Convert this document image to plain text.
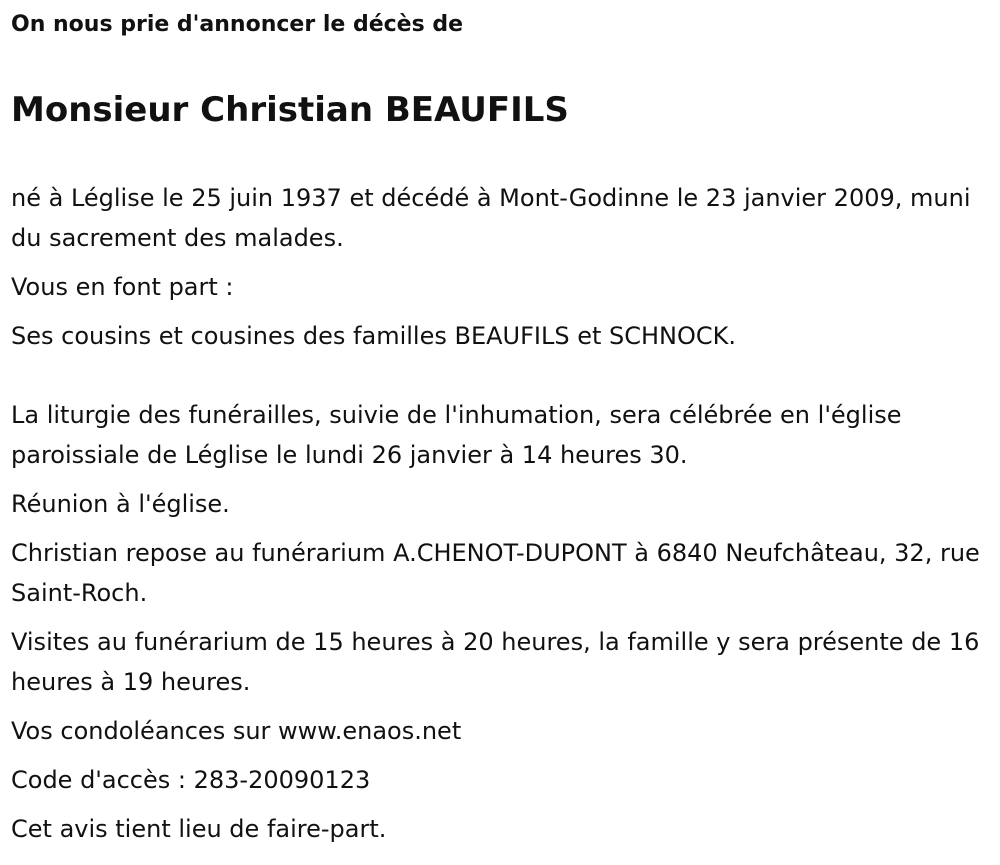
On nous prie d'annoncer le décès de

Monsieur Christian BEAUFILS

né à Léglise le 25 juin 1937 et décédé à Mont-Godinne le 23 janvier 2009, muni du sacrement des malades.

Vous en font part :

Ses cousins et cousines des familles BEAUFILS et SCHNOCK.

La liturgie des funérailles, suivie de l'inhumation, sera célébrée en l'église paroissiale de Léglise le lundi 26 janvier à 14 heures 30.

Réunion à l'église.

Christian repose au funérarium A.CHENOT-DUPONT à 6840 Neufchâteau, 32, rue Saint-Roch.

Visites au funérarium de 15 heures à 20 heures, la famille y sera présente de 16 heures à 19 heures.

Vos condoléances sur www.enaos.net

Code d'accès : 283-20090123

Cet avis tient lieu de faire-part.
